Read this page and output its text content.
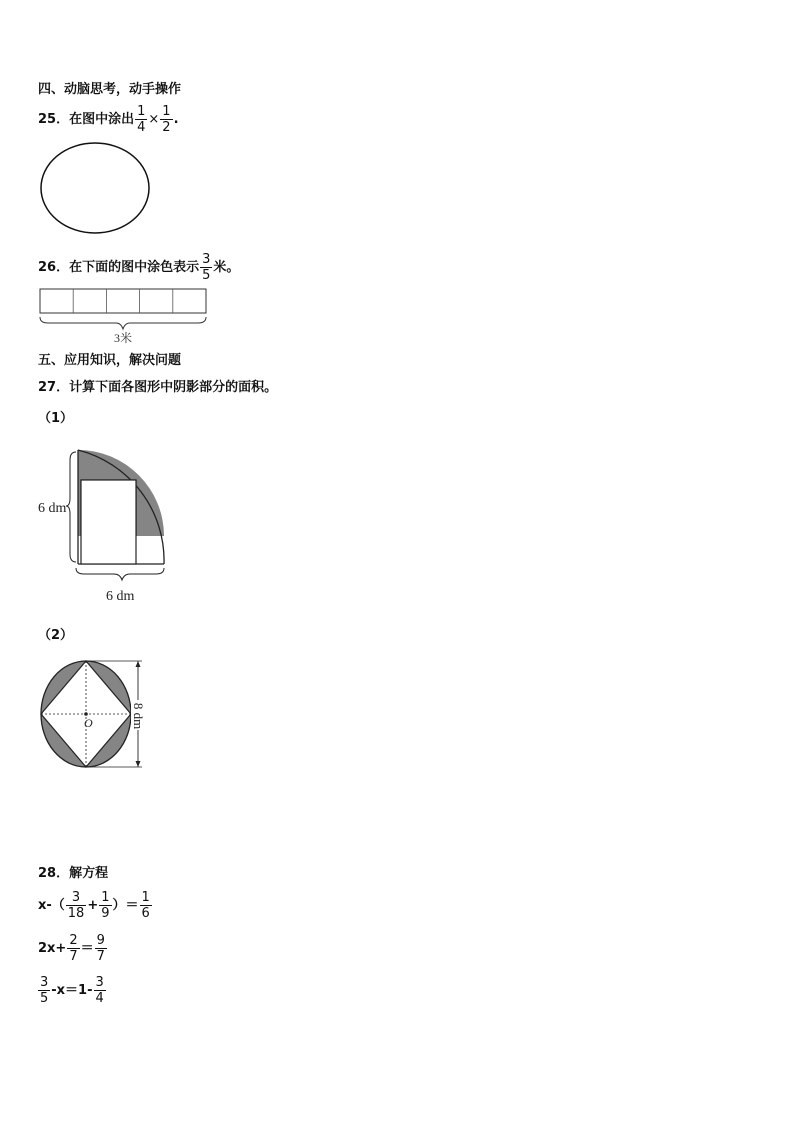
四、动脑思考，动手操作
25．在图中涂出 $\frac{1}{4} \times \frac{1}{2}$ .
26．在下面的图中涂色表示 $\frac{3}{5}$ 米。
3米
五、应用知识，解决问题
27．计算下面各图形中阴影部分的面积。
（1）
6 dm
6 dm
（2）
O	8 dm
28．解方程
$x-( \frac{3}{18} + \frac{1}{9}$ ）＝ $\frac{1}{6}$
$2x+ \frac{2}{7} = \frac{9}{7}$
$\frac{3}{5} -x=1- \frac{3}{4}$
